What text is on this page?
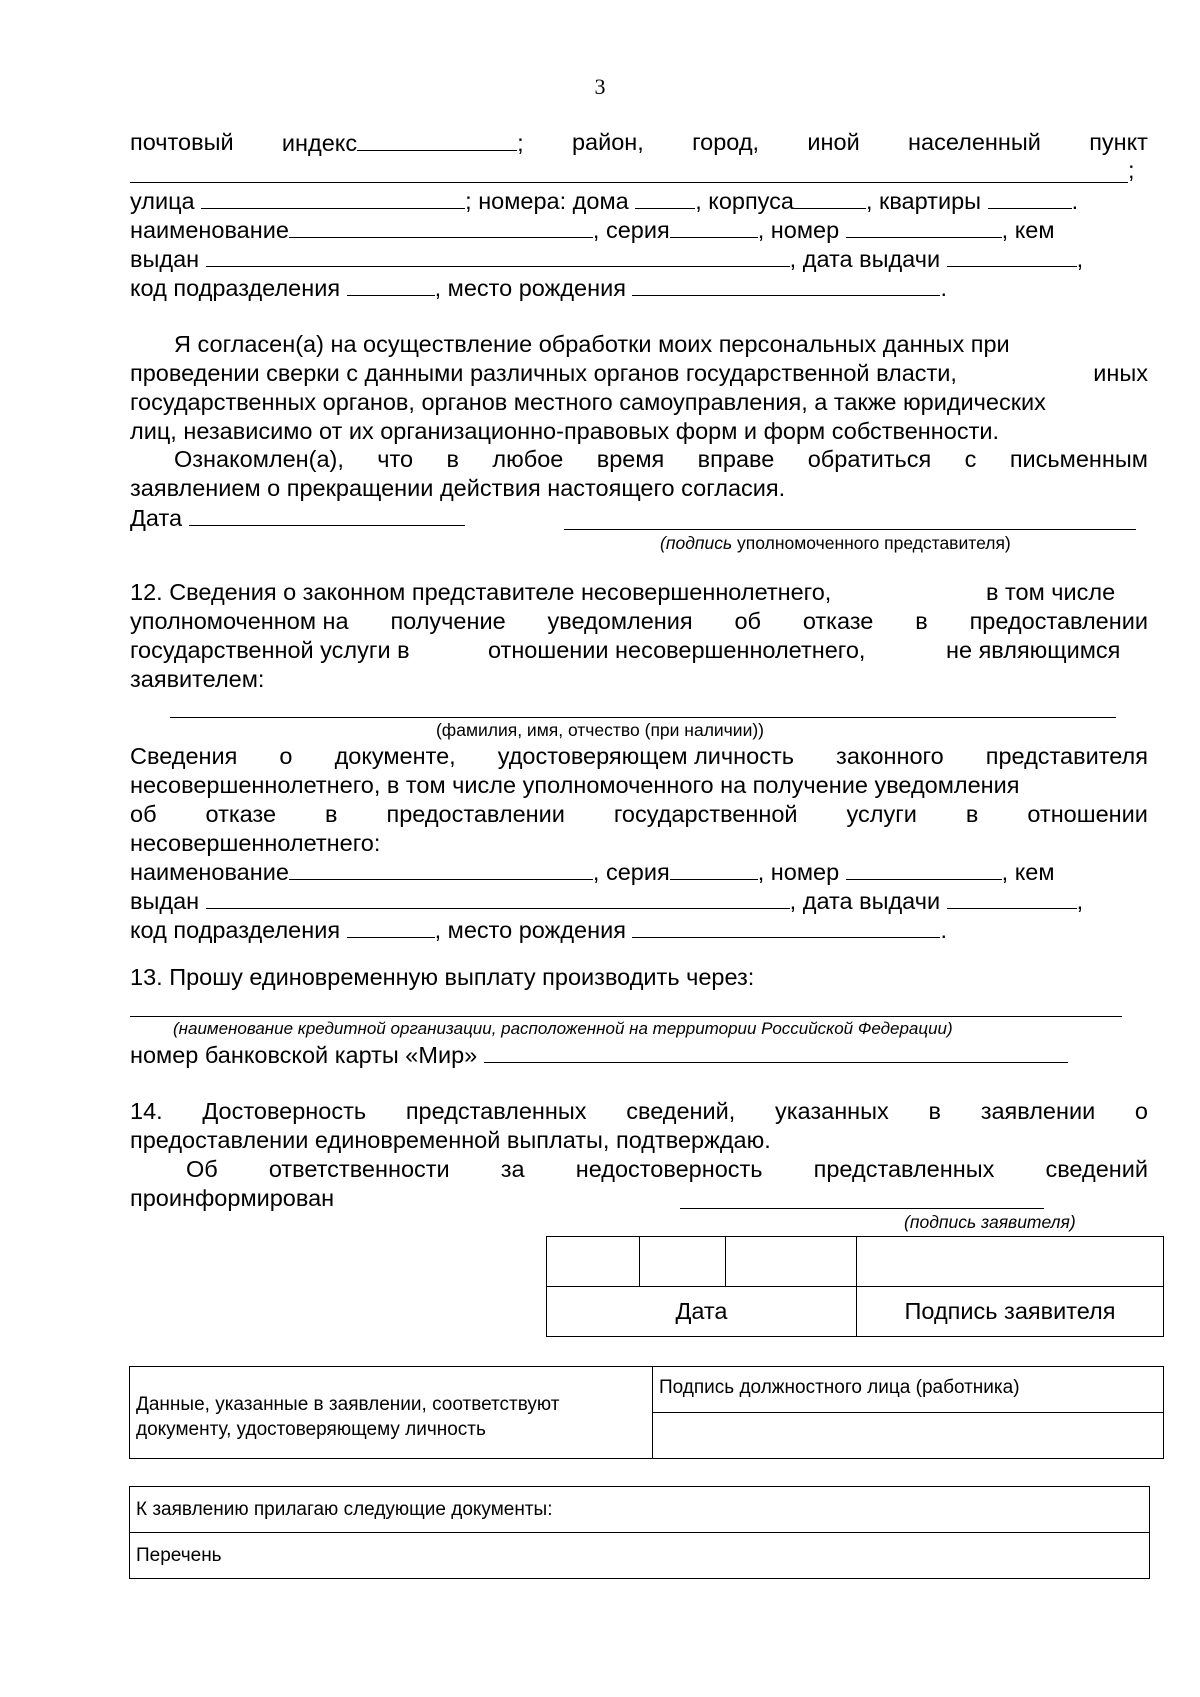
3
почтовый индекс	; район, город, иной населенный пункт
;
улица	; номера: дома	, корпуса	, квартиры	.
наименование	, серия	, номер	, кем
выдан	, дата выдачи	,
код подразделения	, место рождения	.
Я согласен(а) на осуществление обработки моих персональных данных при
проведении сверки с данными различных органов государственной власти,	иных
государственных органов, органов местного самоуправления, а также юридических
лиц, независимо от их организационно-правовых форм и форм собственности.
Ознакомлен(а), что в любое время вправе обратиться с письменным
заявлением о прекращении действия настоящего согласия.
Дата
(подпись уполномоченного представителя)
12. Сведения о законном представителе несовершеннолетнего,	в том числе
уполномоченном на получение уведомления об отказе в предоставлении
государственной услуги в	отношении несовершеннолетнего,	не являющимся
заявителем:
(фамилия, имя, отчество (при наличии))
Сведения о документе, удостоверяющем личность законного представителя
несовершеннолетнего, в том числе уполномоченного на получение уведомления
об отказе в предоставлении государственной услуги в отношении
несовершеннолетнего:
наименование	, серия	, номер	, кем
выдан	, дата выдачи	,
код подразделения	, место рождения	.
13. Прошу единовременную выплату производить через:
(наименование кредитной организации, расположенной на территории Российской Федерации)
номер банковской карты «Мир»
14. Достоверность представленных сведений, указанных в заявлении о
предоставлении единовременной выплаты, подтверждаю.
Об ответственности за недостоверность представленных сведений
проинформирован
(подпись заявителя)

Дата			Подпись заявителя
Данные, указанные в заявлении, соответствуют
документу, удостоверяющему личность
	Подпись должностного лица (работника)

К заявлению прилагаю следующие документы:
Перечень
